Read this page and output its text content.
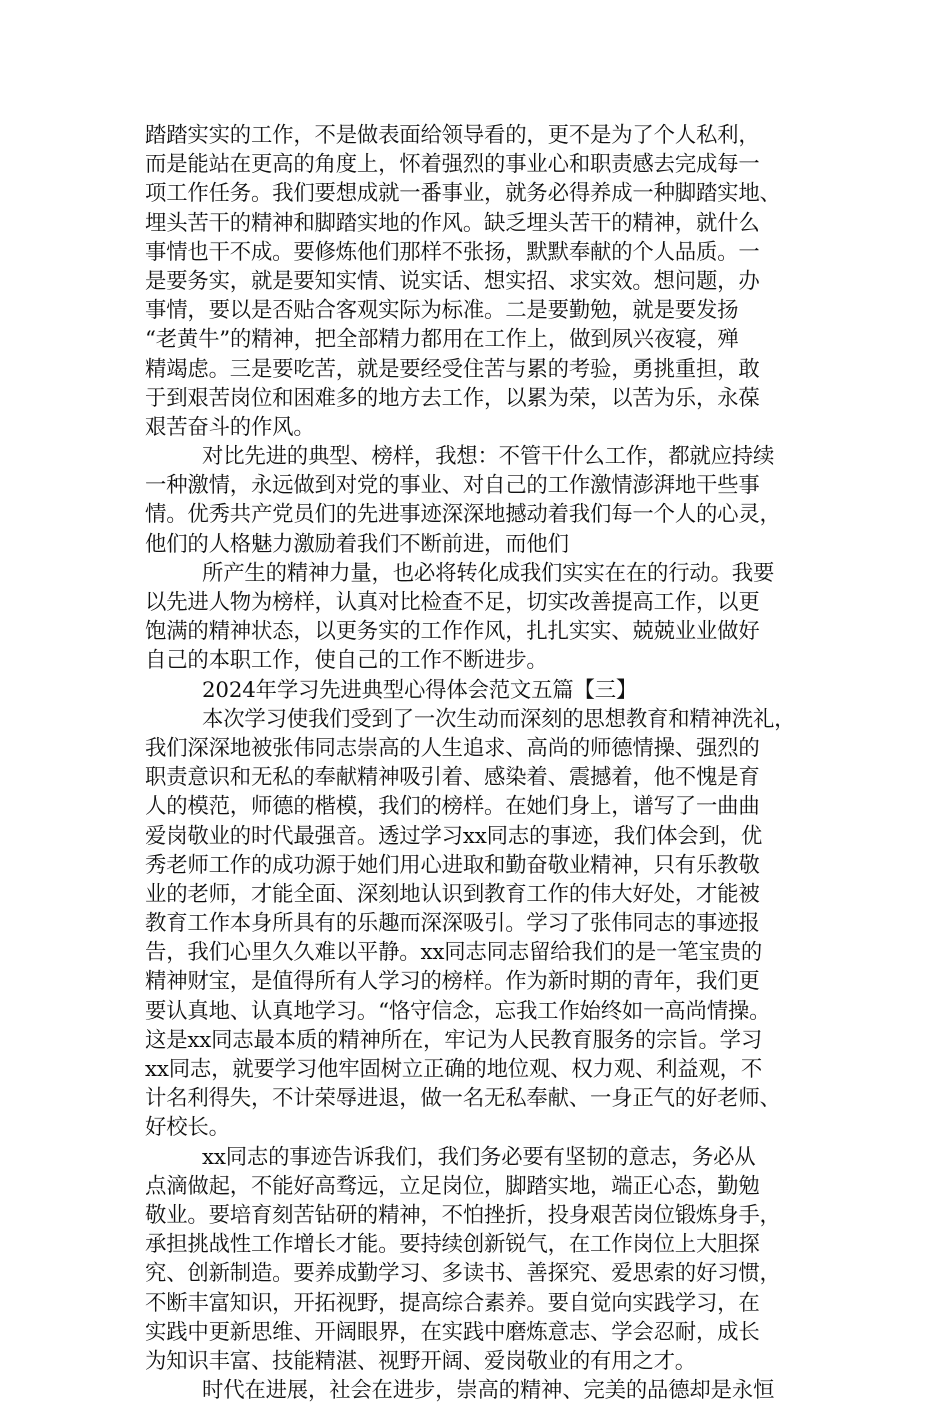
踏踏实实的工作，不是做表面给领导看的，更不是为了个人私利，
而是能站在更高的角度上，怀着强烈的事业心和职责感去完成每一
项工作任务。我们要想成就一番事业，就务必得养成一种脚踏实地、
埋头苦干的精神和脚踏实地的作风。缺乏埋头苦干的精神，就什么
事情也干不成。要修炼他们那样不张扬，默默奉献的个人品质。一
是要务实，就是要知实情、说实话、想实招、求实效。想问题，办
事情，要以是否贴合客观实际为标准。二是要勤勉，就是要发扬
“老黄牛”的精神，把全部精力都用在工作上，做到夙兴夜寝，殚
精竭虑。三是要吃苦，就是要经受住苦与累的考验，勇挑重担，敢
于到艰苦岗位和困难多的地方去工作，以累为荣，以苦为乐，永葆
艰苦奋斗的作风。
对比先进的典型、榜样，我想：不管干什么工作，都就应持续
一种激情，永远做到对党的事业、对自己的工作激情澎湃地干些事
情。优秀共产党员们的先进事迹深深地撼动着我们每一个人的心灵，
他们的人格魅力激励着我们不断前进，而他们
所产生的精神力量，也必将转化成我们实实在在的行动。我要
以先进人物为榜样，认真对比检查不足，切实改善提高工作，以更
饱满的精神状态，以更务实的工作作风，扎扎实实、兢兢业业做好
自己的本职工作，使自己的工作不断进步。
2024年学习先进典型心得体会范文五篇【三】
本次学习使我们受到了一次生动而深刻的思想教育和精神洗礼，
我们深深地被张伟同志崇高的人生追求、高尚的师德情操、强烈的
职责意识和无私的奉献精神吸引着、感染着、震撼着，他不愧是育
人的模范，师德的楷模，我们的榜样。在她们身上，谱写了一曲曲
爱岗敬业的时代最强音。透过学习xx同志的事迹，我们体会到，优
秀老师工作的成功源于她们用心进取和勤奋敬业精神，只有乐教敬
业的老师，才能全面、深刻地认识到教育工作的伟大好处，才能被
教育工作本身所具有的乐趣而深深吸引。学习了张伟同志的事迹报
告，我们心里久久难以平静。xx同志同志留给我们的是一笔宝贵的
精神财宝，是值得所有人学习的榜样。作为新时期的青年，我们更
要认真地、认真地学习。“恪守信念，忘我工作始终如一高尚情操。
这是xx同志最本质的精神所在，牢记为人民教育服务的宗旨。学习
xx同志，就要学习他牢固树立正确的地位观、权力观、利益观，不
计名利得失，不计荣辱进退，做一名无私奉献、一身正气的好老师、
好校长。
xx同志的事迹告诉我们，我们务必要有坚韧的意志，务必从
点滴做起，不能好高骛远，立足岗位，脚踏实地，端正心态，勤勉
敬业。要培育刻苦钻研的精神，不怕挫折，投身艰苦岗位锻炼身手，
承担挑战性工作增长才能。要持续创新锐气，在工作岗位上大胆探
究、创新制造。要养成勤学习、多读书、善探究、爱思索的好习惯，
不断丰富知识，开拓视野，提高综合素养。要自觉向实践学习，在
实践中更新思维、开阔眼界，在实践中磨炼意志、学会忍耐，成长
为知识丰富、技能精湛、视野开阔、爱岗敬业的有用之才。
时代在进展，社会在进步，崇高的精神、完美的品德却是永恒
